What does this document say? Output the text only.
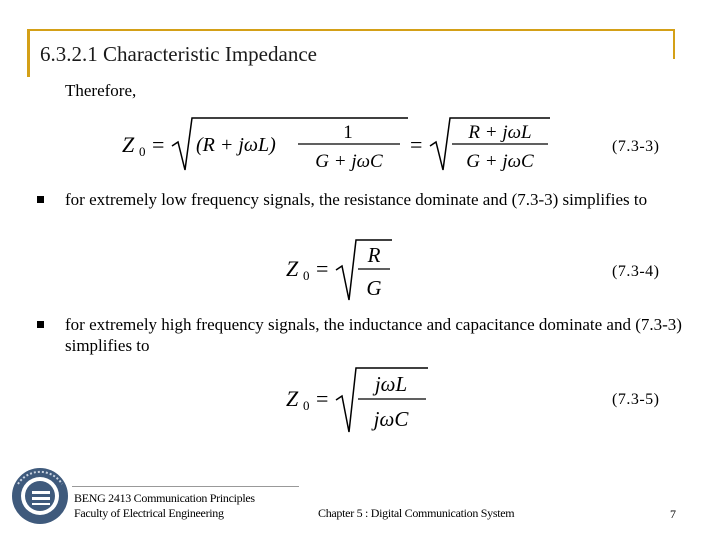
6.3.2.1 Characteristic Impedance
Therefore,
Z 0 = (R + jωL)
1
G + jωC
= R + jωL
G + jωC
(7.3-3)
for extremely low frequency signals, the resistance dominate and (7.3-3) simplifies to
Z 0 =
R
G
(7.3-4)
for extremely high frequency signals, the inductance and capacitance dominate and (7.3-3) simplifies to
Z 0 =
jωL
jωC
(7.3-5)
BENG 2413 Communication Principles
Faculty of Electrical Engineering	Chapter 5 : Digital Communication System	7
